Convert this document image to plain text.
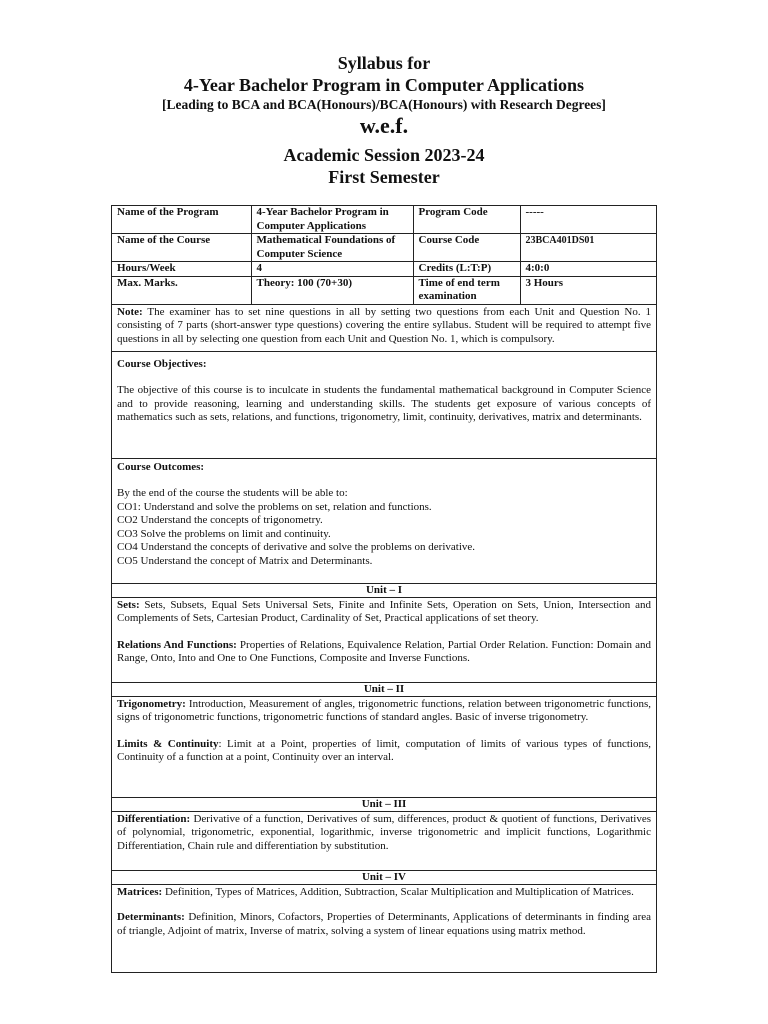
Syllabus for
4-Year Bachelor Program in Computer Applications
[Leading to BCA and BCA(Honours)/BCA(Honours) with Research Degrees]
w.e.f.
Academic Session 2023-24
First Semester
Name of the Program	4-Year Bachelor Program in Computer Applications	Program Code	-----
Name of the Course	Mathematical Foundations of Computer Science	Course Code	23BCA401DS01
Hours/Week	4	Credits (L:T:P)	4:0:0
Max. Marks.	Theory: 100 (70+30)	Time of end term examination	3 Hours
Note: The examiner has to set nine questions in all by setting two questions from each Unit and Question No. 1 consisting of 7 parts (short-answer type questions) covering the entire syllabus. Student will be required to attempt five questions in all by selecting one question from each Unit and Question No. 1, which is compulsory.
Course Objectives:
The objective of this course is to inculcate in students the fundamental mathematical background in Computer Science and to provide reasoning, learning and understanding skills. The students get exposure of various concepts of mathematics such as sets, relations, and functions, trigonometry, limit, continuity, derivatives, matrix and determinants.
Course Outcomes:
By the end of the course the students will be able to:
CO1: Understand and solve the problems on set, relation and functions.
CO2 Understand the concepts of trigonometry.
CO3 Solve the problems on limit and continuity.
CO4 Understand the concepts of derivative and solve the problems on derivative.
CO5 Understand the concept of Matrix and Determinants.
Unit – I
Sets: Sets, Subsets, Equal Sets Universal Sets, Finite and Infinite Sets, Operation on Sets, Union, Intersection and Complements of Sets, Cartesian Product, Cardinality of Set, Practical applications of set theory.
Relations And Functions: Properties of Relations, Equivalence Relation, Partial Order Relation. Function: Domain and Range, Onto, Into and One to One Functions, Composite and Inverse Functions.
Unit – II
Trigonometry: Introduction, Measurement of angles, trigonometric functions, relation between trigonometric functions, signs of trigonometric functions, trigonometric functions of standard angles. Basic of inverse trigonometry.
Limits & Continuity: Limit at a Point, properties of limit, computation of limits of various types of functions, Continuity of a function at a point, Continuity over an interval.
Unit – III
Differentiation: Derivative of a function, Derivatives of sum, differences, product & quotient of functions, Derivatives of polynomial, trigonometric, exponential, logarithmic, inverse trigonometric and implicit functions, Logarithmic Differentiation, Chain rule and differentiation by substitution.
Unit – IV
Matrices: Definition, Types of Matrices, Addition, Subtraction, Scalar Multiplication and Multiplication of Matrices.
Determinants: Definition, Minors, Cofactors, Properties of Determinants, Applications of determinants in finding area of triangle, Adjoint of matrix, Inverse of matrix, solving a system of linear equations using matrix method.
